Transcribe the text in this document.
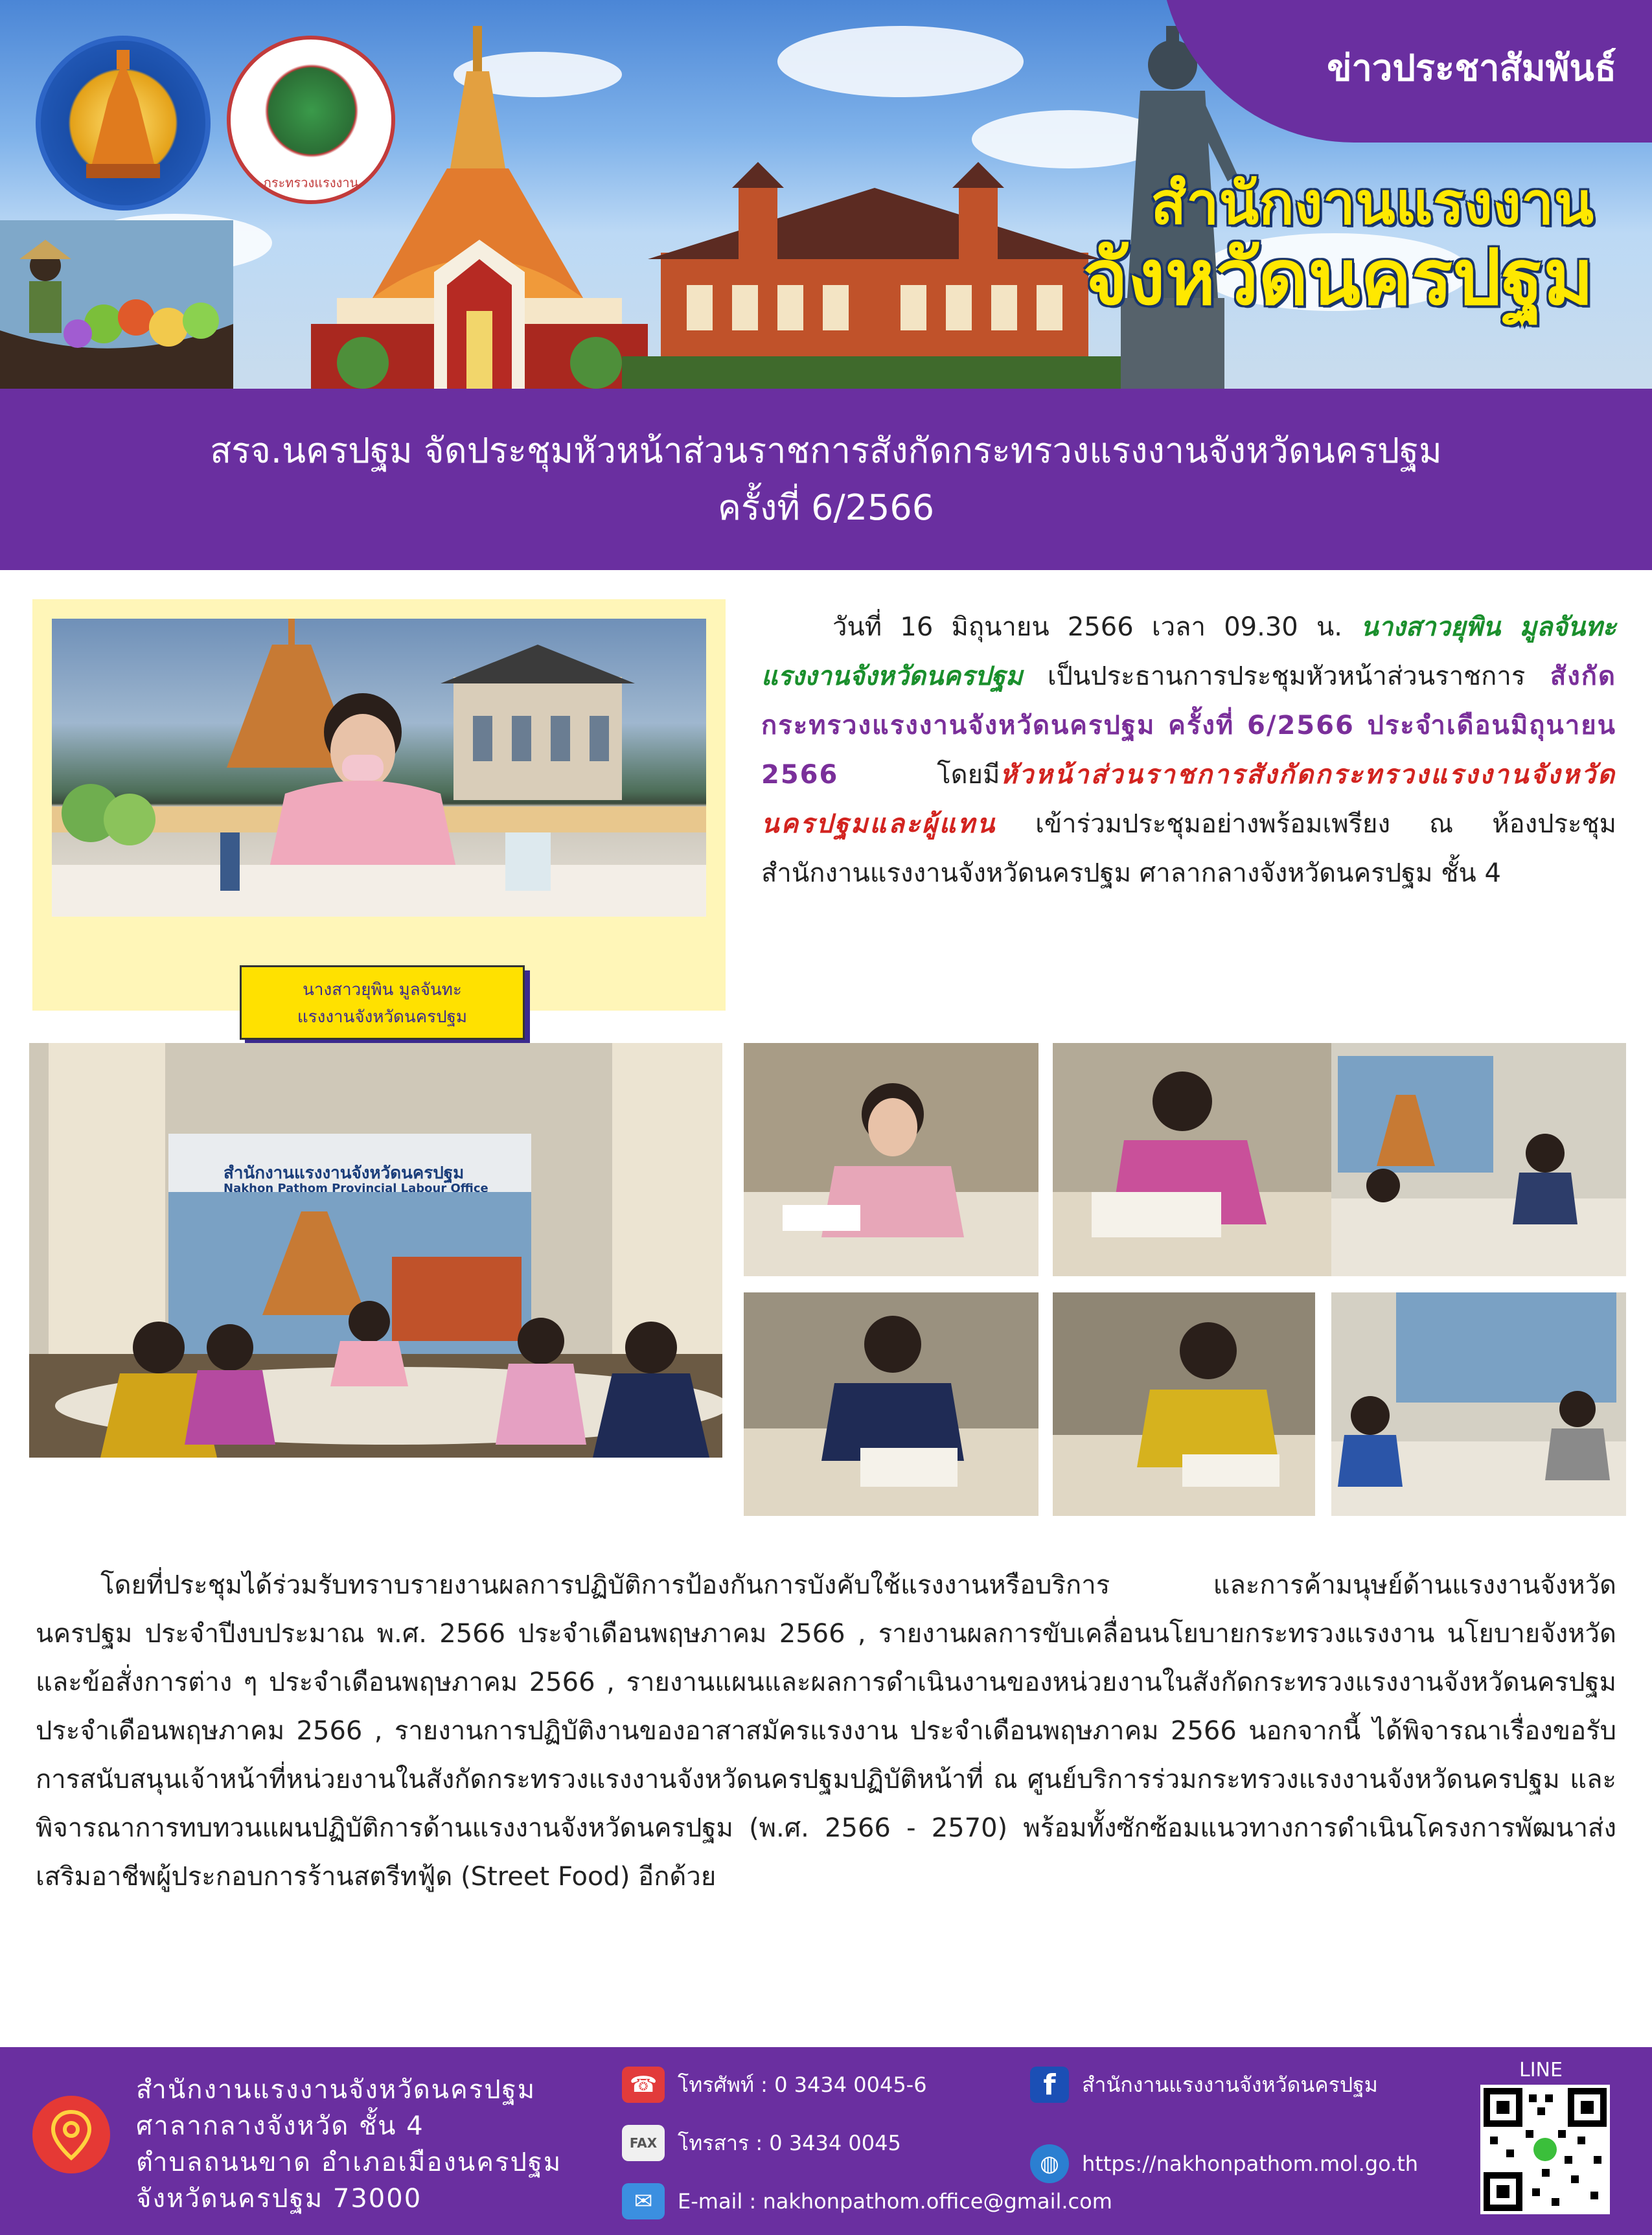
กระทรวงแรงงาน
ข่าวประชาสัมพันธ์
สำนักงานแรงงาน
จังหวัดนครปฐม
สรจ.นครปฐม จัดประชุมหัวหน้าส่วนราชการสังกัดกระทรวงแรงงานจังหวัดนครปฐม
ครั้งที่ 6/2566
นางสาวยุพิน มูลจันทะ
แรงงานจังหวัดนครปฐม
วันที่ 16 มิถุนายน 2566 เวลา 09.30 น. นางสาวยุพิน มูลจันทะ แรงงานจังหวัดนครปฐม เป็นประธานการประชุมหัวหน้าส่วนราชการ สังกัดกระทรวงแรงงานจังหวัดนครปฐม ครั้งที่ 6/2566 ประจำเดือนมิถุนายน 2566 โดยมีหัวหน้าส่วนราชการสังกัดกระทรวงแรงงานจังหวัดนครปฐมและผู้แทน เข้าร่วมประชุมอย่างพร้อมเพรียง ณ ห้องประชุมสำนักงานแรงงานจังหวัดนครปฐม ศาลากลางจังหวัดนครปฐม ชั้น 4
สำนักงานแรงงานจังหวัดนครปฐม
Nakhon Pathom Provincial Labour Office
โดยที่ประชุมได้ร่วมรับทราบรายงานผลการปฏิบัติการป้องกันการบังคับใช้แรงงานหรือบริการ และการค้ามนุษย์ด้านแรงงานจังหวัดนครปฐม ประจำปีงบประมาณ พ.ศ. 2566 ประจำเดือนพฤษภาคม 2566 , รายงานผลการขับเคลื่อนนโยบายกระทรวงแรงงาน นโยบายจังหวัดและข้อสั่งการต่าง ๆ ประจำเดือนพฤษภาคม 2566 , รายงานแผนและผลการดำเนินงานของหน่วยงานในสังกัดกระทรวงแรงงานจังหวัดนครปฐม ประจำเดือนพฤษภาคม 2566 , รายงานการปฏิบัติงานของอาสาสมัครแรงงาน ประจำเดือนพฤษภาคม 2566 นอกจากนี้ ได้พิจารณาเรื่องขอรับการสนับสนุนเจ้าหน้าที่หน่วยงานในสังกัดกระทรวงแรงงานจังหวัดนครปฐมปฏิบัติหน้าที่ ณ ศูนย์บริการร่วมกระทรวงแรงงานจังหวัดนครปฐม และ พิจารณาการทบทวนแผนปฏิบัติการด้านแรงงานจังหวัดนครปฐม (พ.ศ. 2566 - 2570) พร้อมทั้งซักซ้อมแนวทางการดำเนินโครงการพัฒนาส่งเสริมอาชีพผู้ประกอบการร้านสตรีทฟู้ด (Street Food) อีกด้วย
สำนักงานแรงงานจังหวัดนครปฐม
ศาลากลางจังหวัด ชั้น 4
ตำบลถนนขาด อำเภอเมืองนครปฐม
จังหวัดนครปฐม 73000
☎ โทรศัพท์ : 0 3434 0045-6
FAX โทรสาร : 0 3434 0045
✉	E-mail : nakhonpathom.office@gmail.com
f	สำนักงานแรงงานจังหวัดนครปฐม
◍	https://nakhonpathom.mol.go.th
LINE
